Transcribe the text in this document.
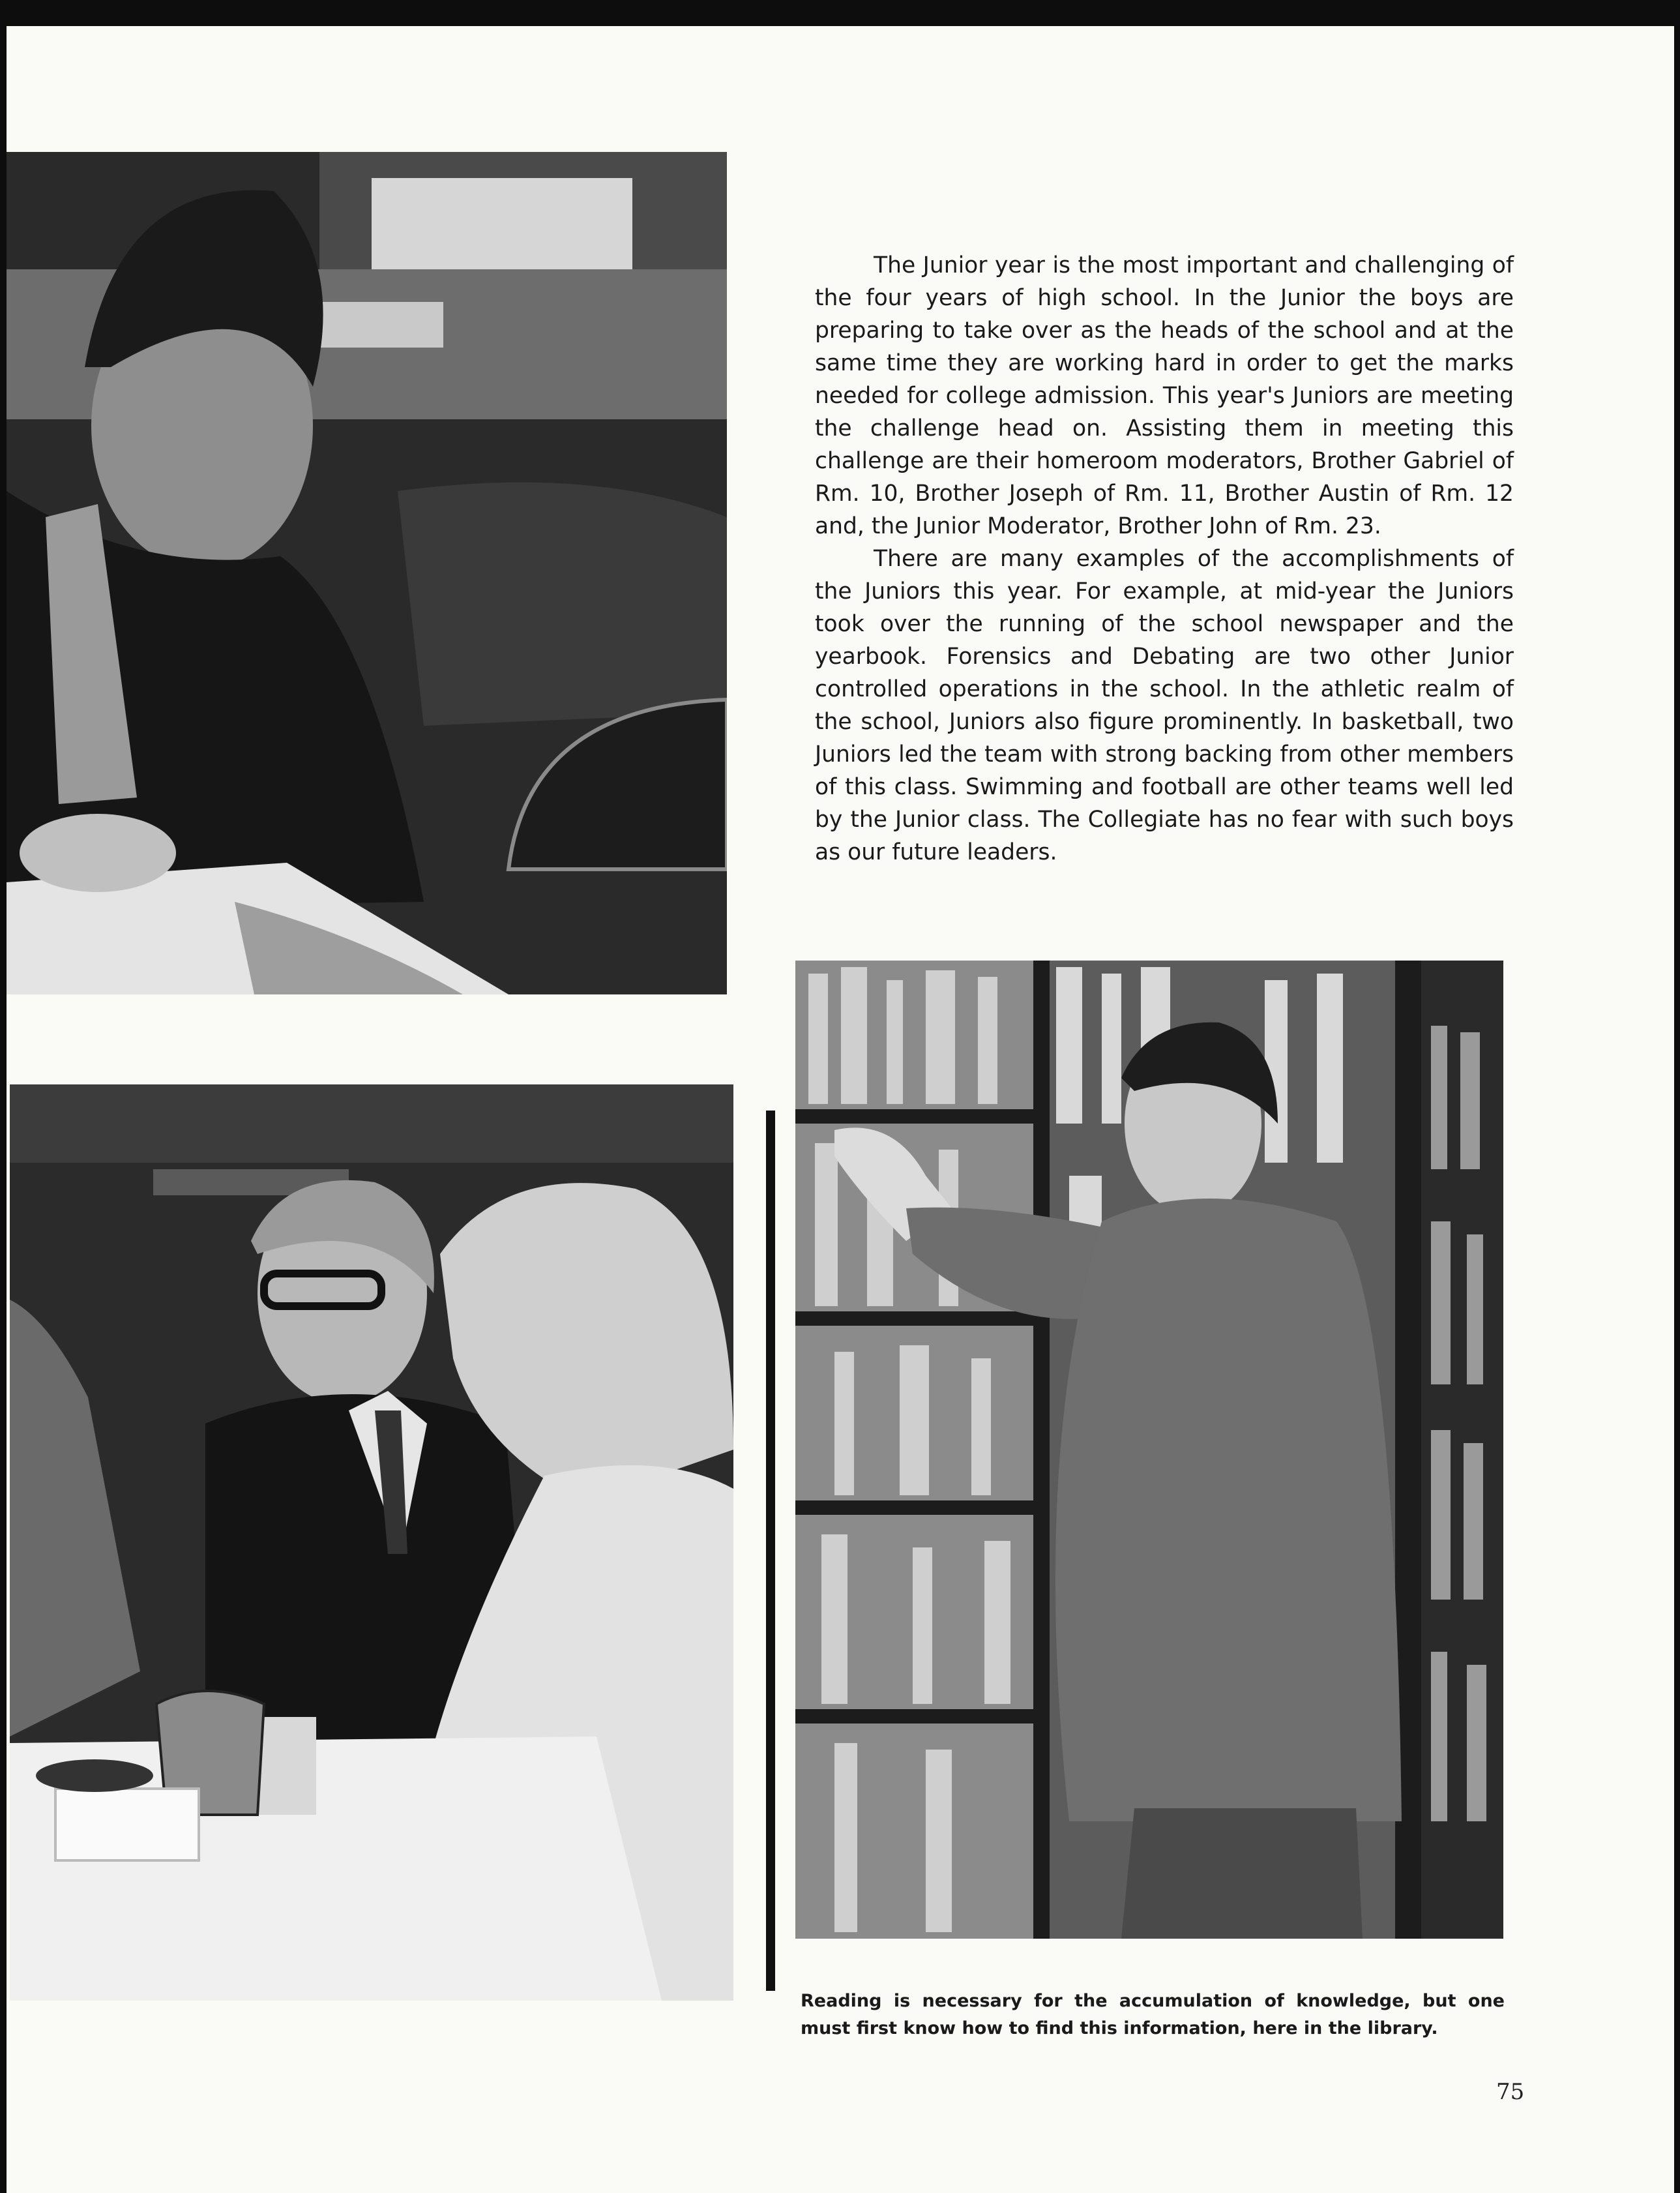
The Junior year is the most important and challenging of the four years of high school. In the Junior the boys are preparing to take over as the heads of the school and at the same time they are working hard in order to get the marks needed for college admission. This year's Juniors are meeting the challenge head on. Assisting them in meeting this challenge are their homeroom moderators, Brother Gabriel of Rm. 10, Brother Joseph of Rm. 11, Brother Austin of Rm. 12 and, the Junior Moderator, Brother John of Rm. 23.

There are many examples of the accomplishments of the Juniors this year. For example, at mid-year the Juniors took over the running of the school newspaper and the yearbook. Forensics and Debating are two other Junior controlled operations in the school. In the athletic realm of the school, Juniors also figure prominently. In basketball, two Juniors led the team with strong backing from other members of this class. Swimming and football are other teams well led by the Junior class. The Collegiate has no fear with such boys as our future leaders.

Reading is necessary for the accumulation of knowledge, but one must first know how to find this information, here in the library.
75
